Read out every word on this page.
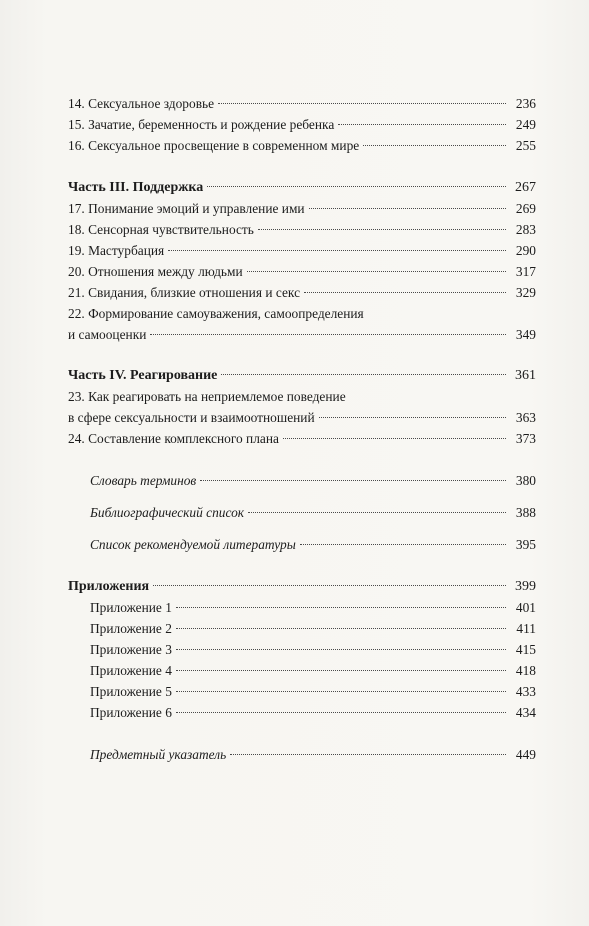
14. Сексуальное здоровье	236
15. Зачатие, беременность и рождение ребенка	249
16. Сексуальное просвещение в современном мире	255
Часть III. Поддержка	267
17. Понимание эмоций и управление ими	269
18. Сенсорная чувствительность	283
19. Мастурбация	290
20. Отношения между людьми	317
21. Свидания, близкие отношения и секс	329
22. Формирование самоуважения, самоопределения
и самооценки	349
Часть IV. Реагирование	361
23. Как реагировать на неприемлемое поведение
в сфере сексуальности и взаимоотношений	363
24. Составление комплексного плана	373
Словарь терминов	380
Библиографический список	388
Список рекомендуемой литературы	395
Приложения	399
Приложение 1	401
Приложение 2	411
Приложение 3	415
Приложение 4	418
Приложение 5	433
Приложение 6	434
Предметный указатель	449
